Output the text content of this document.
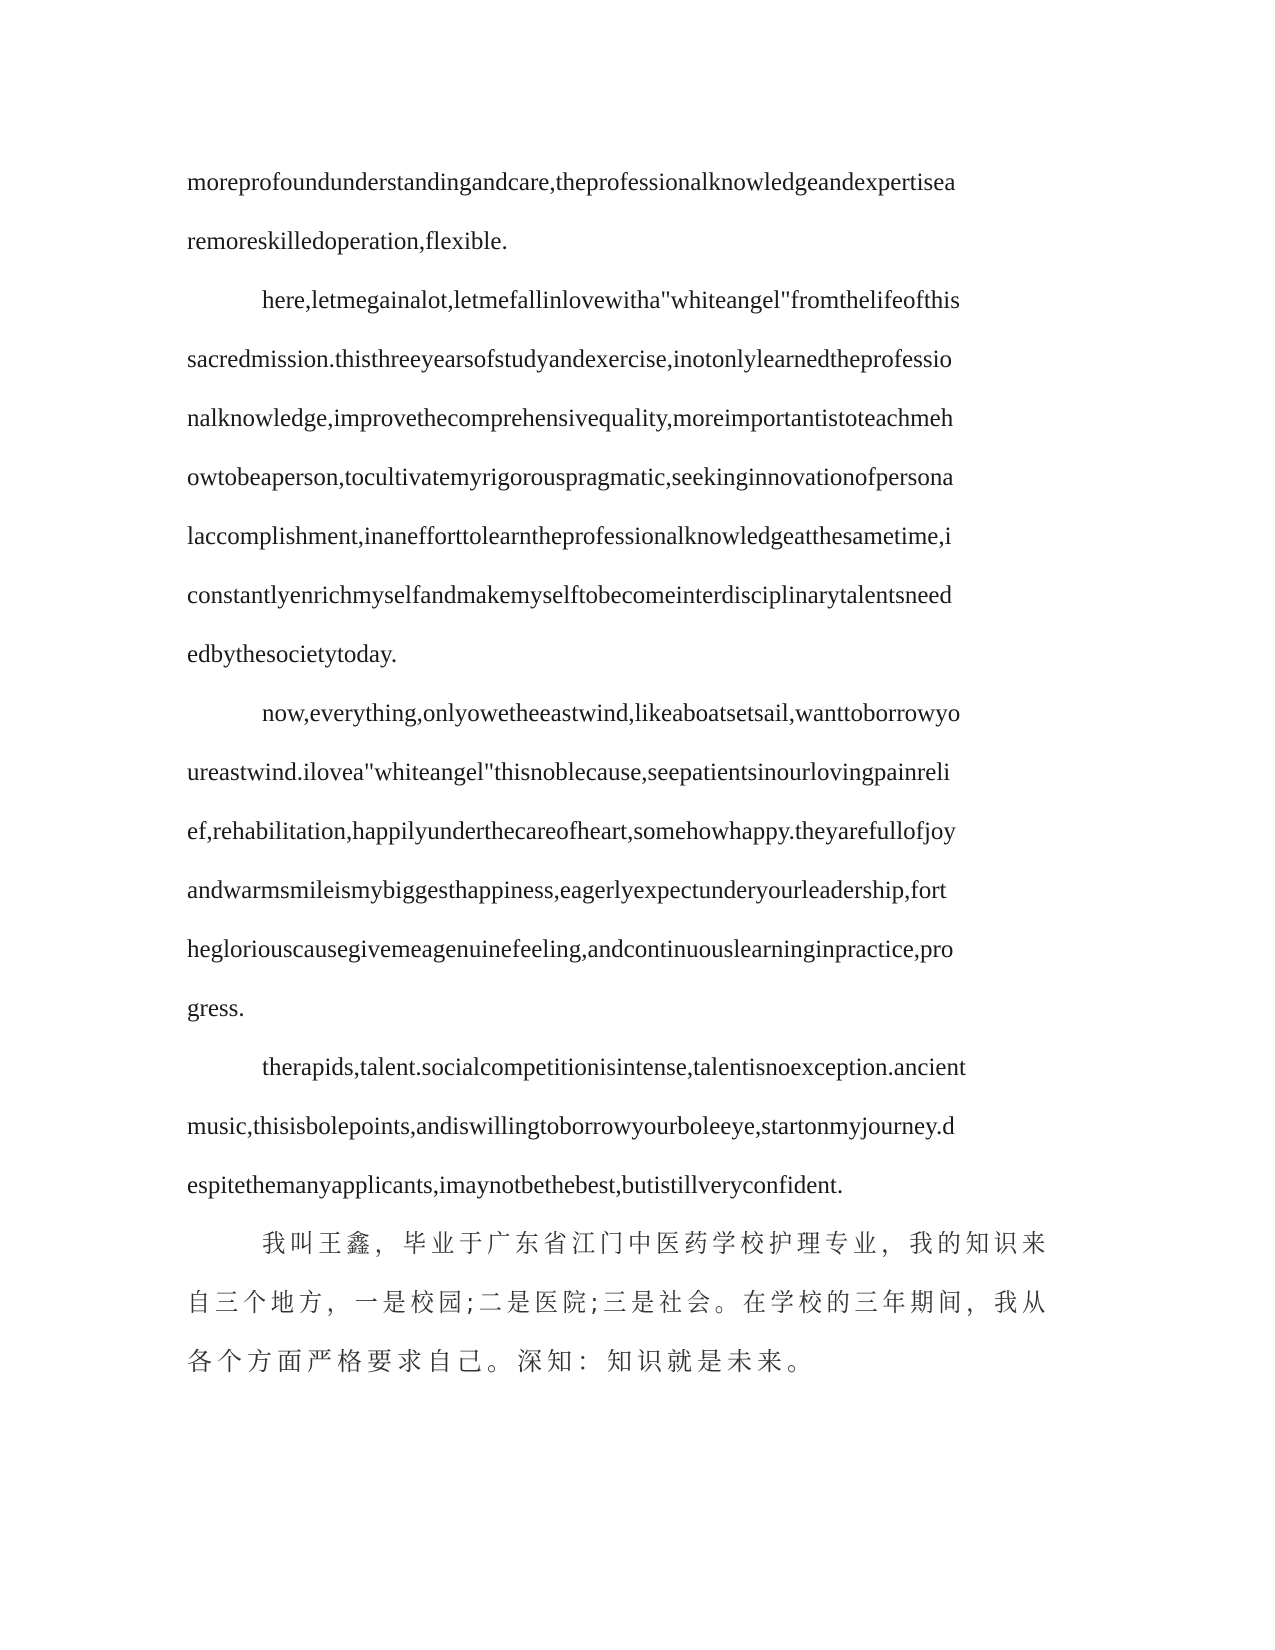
moreprofoundunderstandingandcare,theprofessionalknowledgeandexpertisea

remoreskilledoperation,flexible.

here,letmegainalot,letmefallinlovewitha"whiteangel"fromthelifeofthis

sacredmission.thisthreeyearsofstudyandexercise,inotonlylearnedtheprofessio

nalknowledge,improvethecomprehensivequality,moreimportantistoteachmeh

owtobeaperson,tocultivatemyrigorouspragmatic,seekinginnovationofpersona

laccomplishment,inanefforttolearntheprofessionalknowledgeatthesametime,i

constantlyenrichmyselfandmakemyselftobecomeinterdisciplinarytalentsneed

edbythesocietytoday.

now,everything,onlyowetheeastwind,likeaboatsetsail,wanttoborrowyo

ureastwind.ilovea"whiteangel"thisnoblecause,seepatientsinourlovingpainreli

ef,rehabilitation,happilyunderthecareofheart,somehowhappy.theyarefullofjoy

andwarmsmileismybiggesthappiness,eagerlyexpectunderyourleadership,fort

hegloriouscausegivemeagenuinefeeling,andcontinuouslearninginpractice,pro

gress.

therapids,talent.socialcompetitionisintense,talentisnoexception.ancient

music,thisisbolepoints,andiswillingtoborrowyourboleeye,startonmyjourney.d

espitethemanyapplicants,imaynotbethebest,butistillveryconfident.

我叫王鑫，毕业于广东省江门中医药学校护理专业，我的知识来

自三个地方，一是校园;二是医院;三是社会。在学校的三年期间，我从

各个方面严格要求自己。深知：知识就是未来。
